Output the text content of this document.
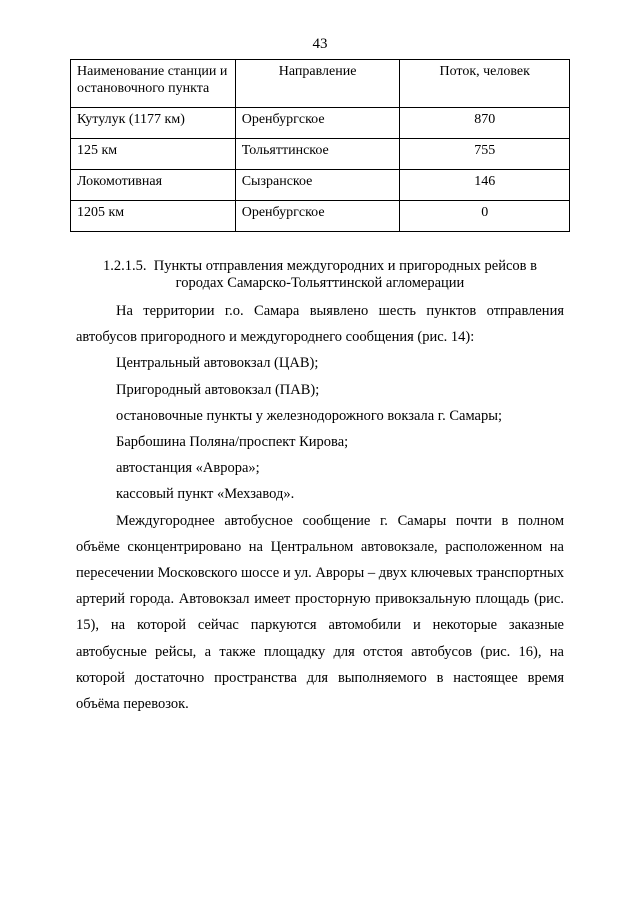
43
Наименование станции и остановочного пункта	Направление	Поток, человек
Кутулук (1177 км)	Оренбургское	870
125 км	Тольяттинское	755
Локомотивная	Сызранское	146
1205 км	Оренбургское	0
1.2.1.5. Пункты отправления междугородних и пригородных рейсов в
городах Самарско-Тольяттинской агломерации

На территории г.о. Самара выявлено шесть пунктов отправления автобусов пригородного и междугороднего сообщения (рис. 14):

Центральный автовокзал (ЦАВ);

Пригородный автовокзал (ПАВ);

остановочные пункты у железнодорожного вокзала г. Самары;

Барбошина Поляна/проспект Кирова;

автостанция «Аврора»;

кассовый пункт «Мехзавод».

Междугороднее автобусное сообщение г. Самары почти в полном объёме сконцентрировано на Центральном автовокзале, расположенном на пересечении Московского шоссе и ул. Авроры – двух ключевых транспортных артерий города. Автовокзал имеет просторную привокзальную площадь (рис. 15), на которой сейчас паркуются автомобили и некоторые заказные автобусные рейсы, а также площадку для отстоя автобусов (рис. 16), на которой достаточно пространства для выполняемого в настоящее время объёма перевозок.
